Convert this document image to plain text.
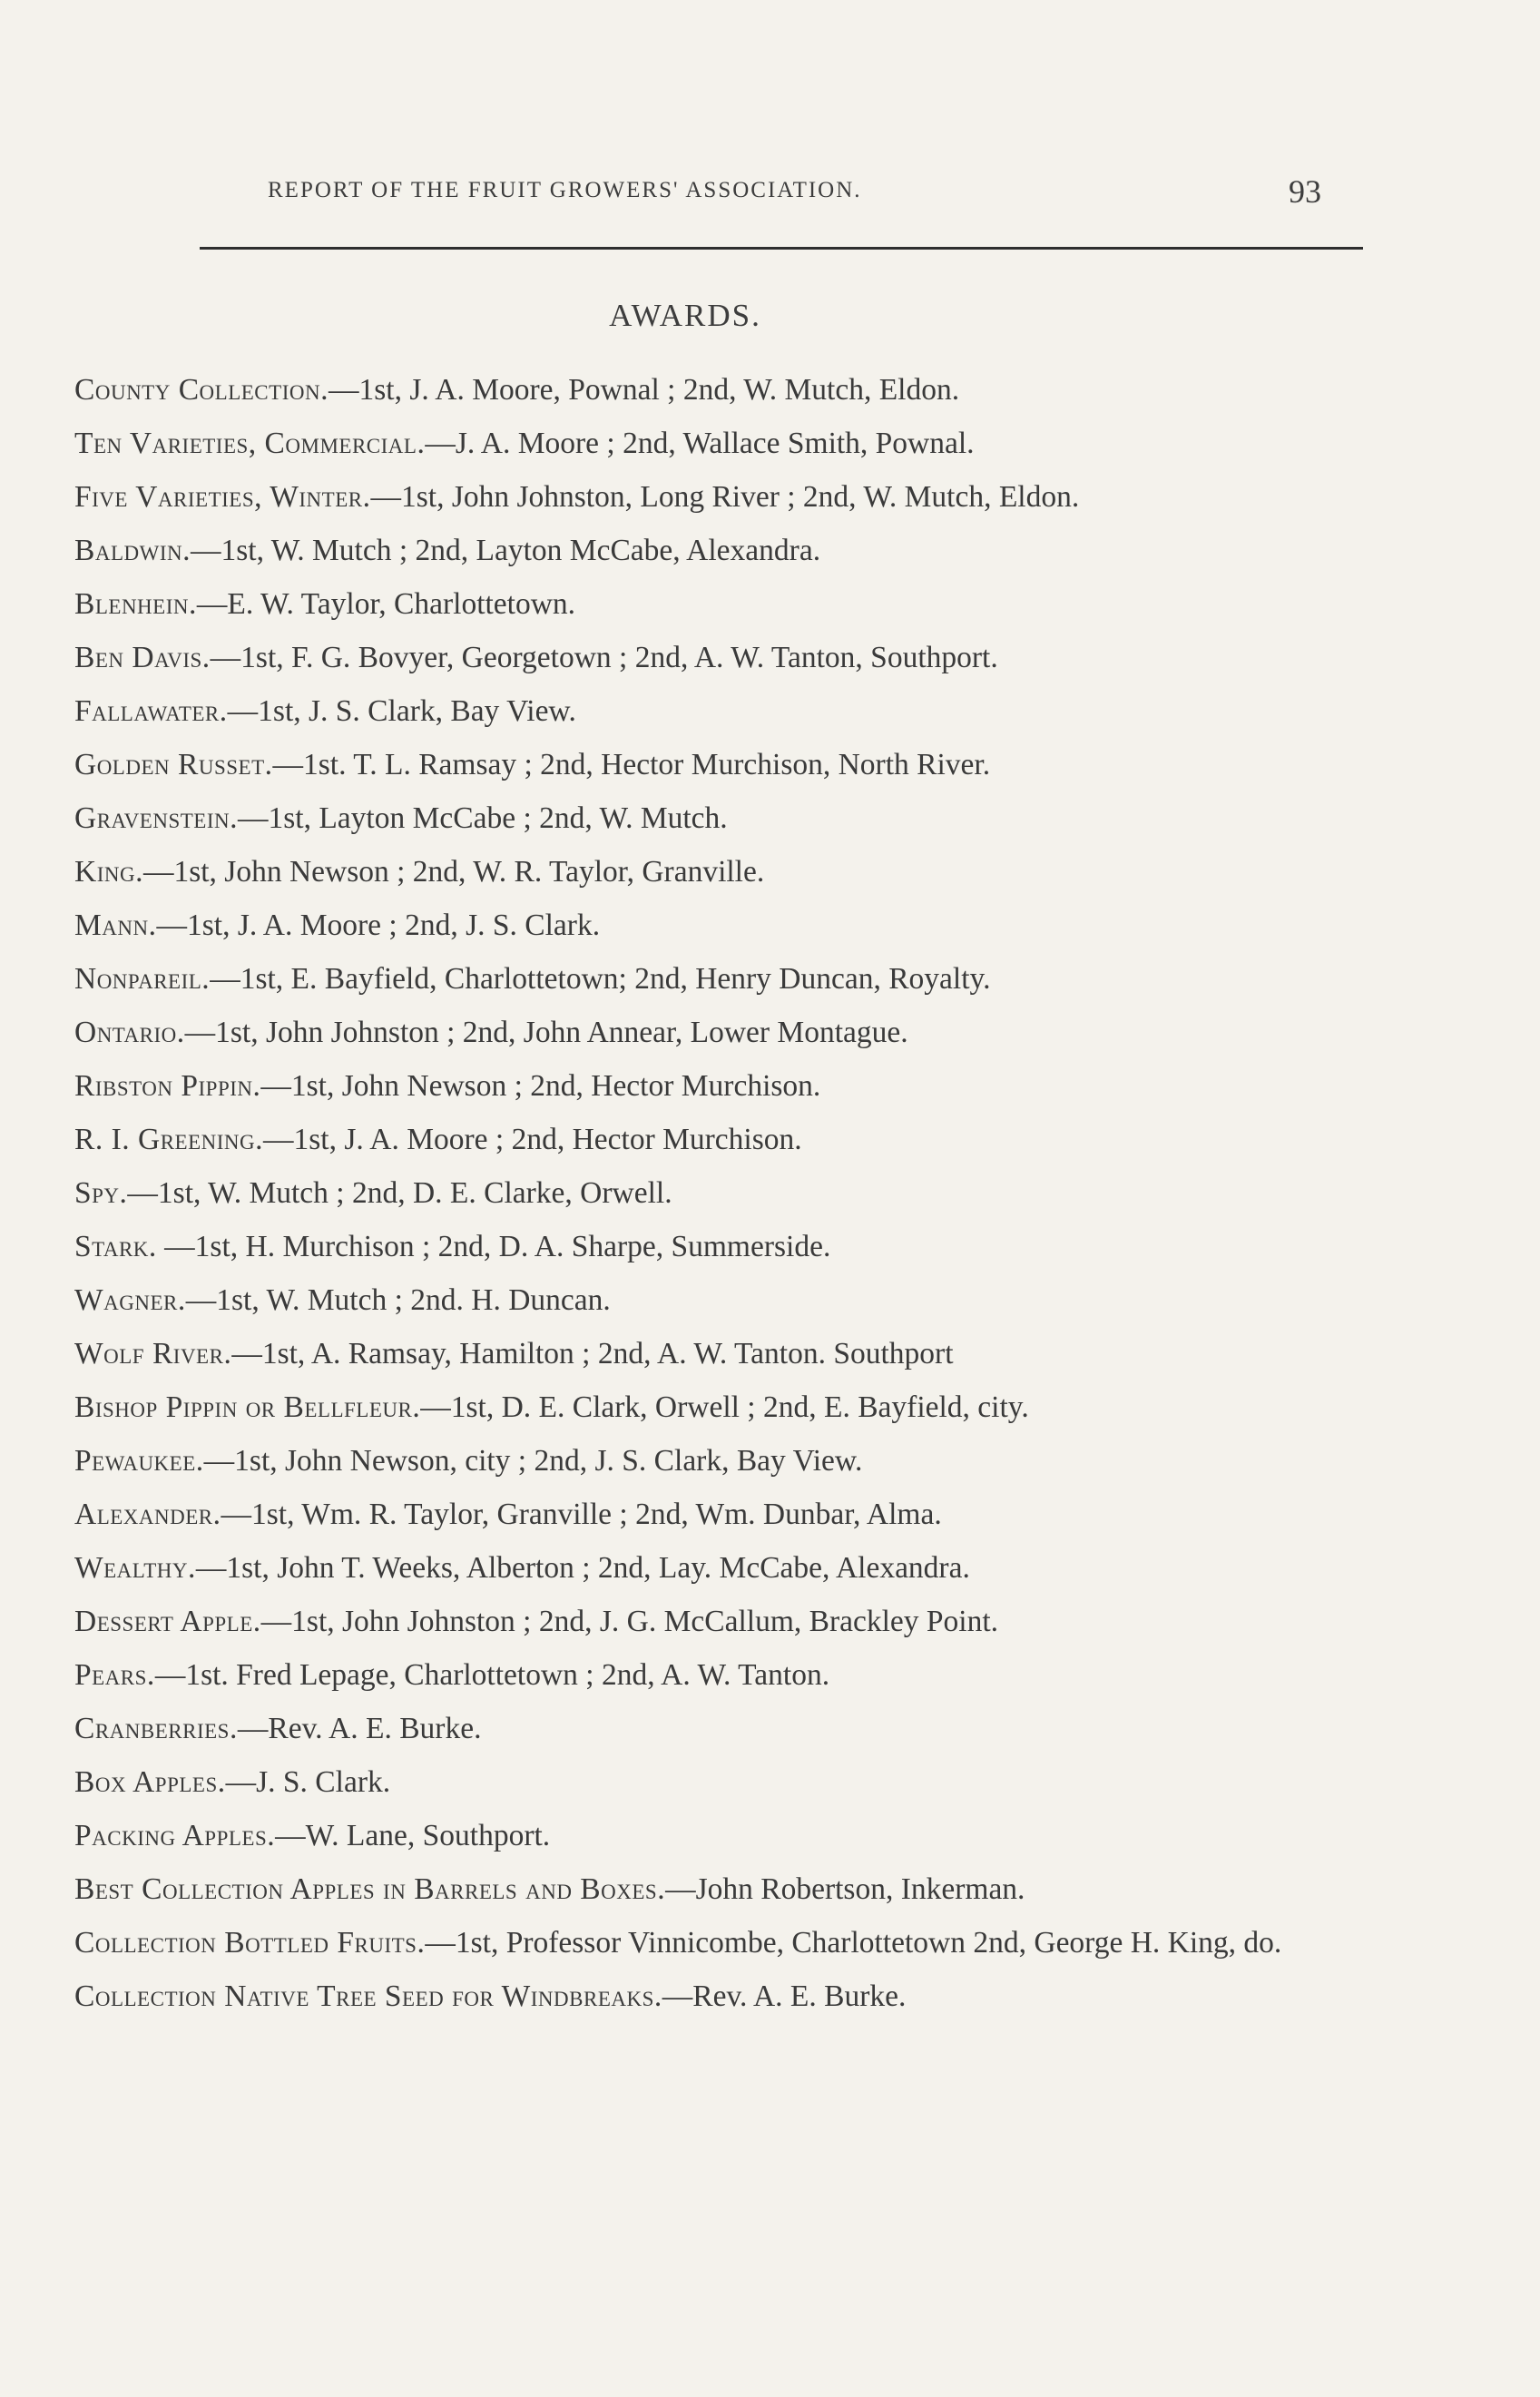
REPORT OF THE FRUIT GROWERS' ASSOCIATION.	93
AWARDS.

County Collection.—1st, J. A. Moore, Pownal ; 2nd, W. Mutch, Eldon.

Ten Varieties, Commercial.—J. A. Moore ; 2nd, Wallace Smith, Pownal.

Five Varieties, Winter.—1st, John Johnston, Long River ; 2nd, W. Mutch, Eldon.

Baldwin.—1st, W. Mutch ; 2nd, Layton McCabe, Alexandra.

Blenhein.—E. W. Taylor, Charlottetown.

Ben Davis.—1st, F. G. Bovyer, Georgetown ; 2nd, A. W. Tanton, Southport.

Fallawater.—1st, J. S. Clark, Bay View.

Golden Russet.—1st. T. L. Ramsay ; 2nd, Hector Murchison, North River.

Gravenstein.—1st, Layton McCabe ; 2nd, W. Mutch.

King.—1st, John Newson ; 2nd, W. R. Taylor, Granville.

Mann.—1st, J. A. Moore ; 2nd, J. S. Clark.

Nonpareil.—1st, E. Bayfield, Charlottetown; 2nd, Henry Duncan, Royalty.

Ontario.—1st, John Johnston ; 2nd, John Annear, Lower Montague.

Ribston Pippin.—1st, John Newson ; 2nd, Hector Murchison.

R. I. Greening.—1st, J. A. Moore ; 2nd, Hector Murchison.

Spy.—1st, W. Mutch ; 2nd, D. E. Clarke, Orwell.

Stark. —1st, H. Murchison ; 2nd, D. A. Sharpe, Summerside.

Wagner.—1st, W. Mutch ; 2nd. H. Duncan.

Wolf River.—1st, A. Ramsay, Hamilton ; 2nd, A. W. Tanton. Southport

Bishop Pippin or Bellfleur.—1st, D. E. Clark, Orwell ; 2nd, E. Bayfield, city.

Pewaukee.—1st, John Newson, city ; 2nd, J. S. Clark, Bay View.

Alexander.—1st, Wm. R. Taylor, Granville ; 2nd, Wm. Dunbar, Alma.

Wealthy.—1st, John T. Weeks, Alberton ; 2nd, Lay. McCabe, Alexandra.

Dessert Apple.—1st, John Johnston ; 2nd, J. G. McCallum, Brackley Point.

Pears.—1st. Fred Lepage, Charlottetown ; 2nd, A. W. Tanton.

Cranberries.—Rev. A. E. Burke.

Box Apples.—J. S. Clark.

Packing Apples.—W. Lane, Southport.

Best Collection Apples in Barrels and Boxes.—John Robertson, Inkerman.

Collection Bottled Fruits.—1st, Professor Vinnicombe, Charlottetown 2nd, George H. King, do.

Collection Native Tree Seed for Windbreaks.—Rev. A. E. Burke.
